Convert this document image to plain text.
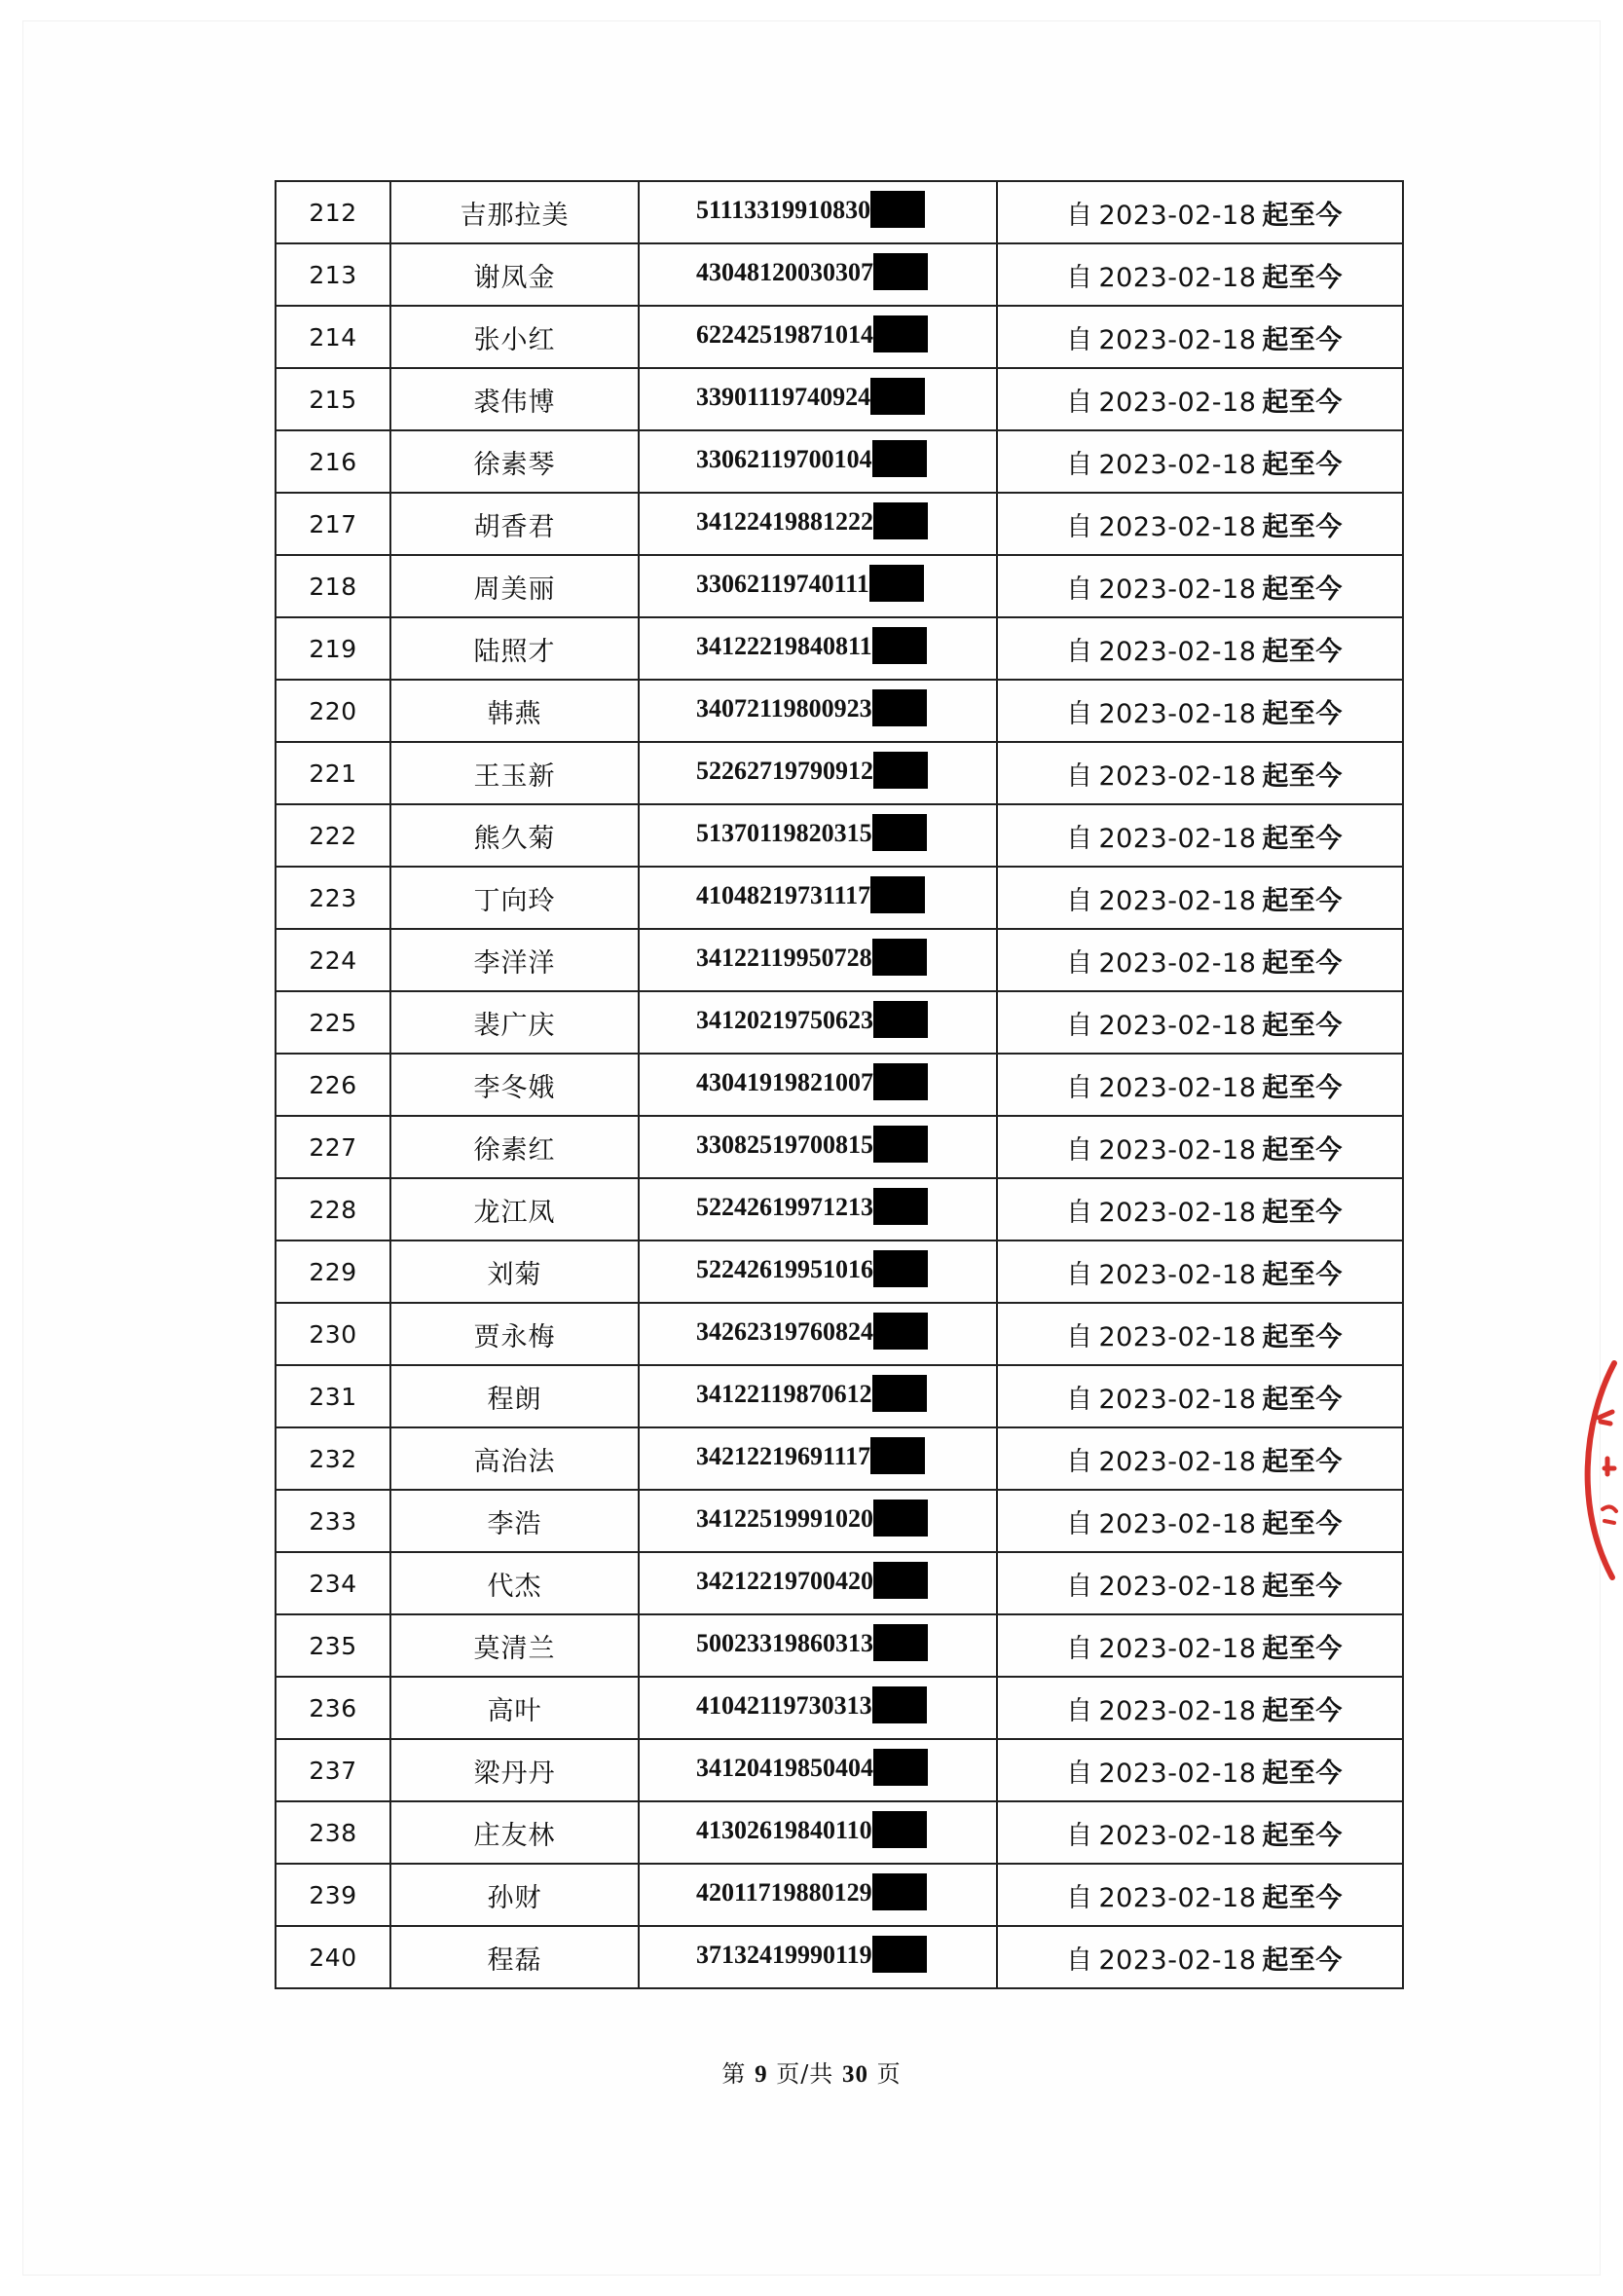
212	吉那拉美	51113319910830	自 2023-02-18 起至今
213	谢凤金	43048120030307	自 2023-02-18 起至今
214	张小红	62242519871014	自 2023-02-18 起至今
215	裘伟博	33901119740924	自 2023-02-18 起至今
216	徐素琴	33062119700104	自 2023-02-18 起至今
217	胡香君	34122419881222	自 2023-02-18 起至今
218	周美丽	33062119740111	自 2023-02-18 起至今
219	陆照才	34122219840811	自 2023-02-18 起至今
220	韩燕	34072119800923	自 2023-02-18 起至今
221	王玉新	52262719790912	自 2023-02-18 起至今
222	熊久菊	51370119820315	自 2023-02-18 起至今
223	丁向玲	41048219731117	自 2023-02-18 起至今
224	李洋洋	34122119950728	自 2023-02-18 起至今
225	裴广庆	34120219750623	自 2023-02-18 起至今
226	李冬娥	43041919821007	自 2023-02-18 起至今
227	徐素红	33082519700815	自 2023-02-18 起至今
228	龙江凤	52242619971213	自 2023-02-18 起至今
229	刘菊	52242619951016	自 2023-02-18 起至今
230	贾永梅	34262319760824	自 2023-02-18 起至今
231	程朗	34122119870612	自 2023-02-18 起至今
232	高治法	34212219691117	自 2023-02-18 起至今
233	李浩	34122519991020	自 2023-02-18 起至今
234	代杰	34212219700420	自 2023-02-18 起至今
235	莫清兰	50023319860313	自 2023-02-18 起至今
236	高叶	41042119730313	自 2023-02-18 起至今
237	梁丹丹	34120419850404	自 2023-02-18 起至今
238	庄友林	41302619840110	自 2023-02-18 起至今
239	孙财	42011719880129	自 2023-02-18 起至今
240	程磊	37132419990119	自 2023-02-18 起至今
第 9 页/共 30 页
